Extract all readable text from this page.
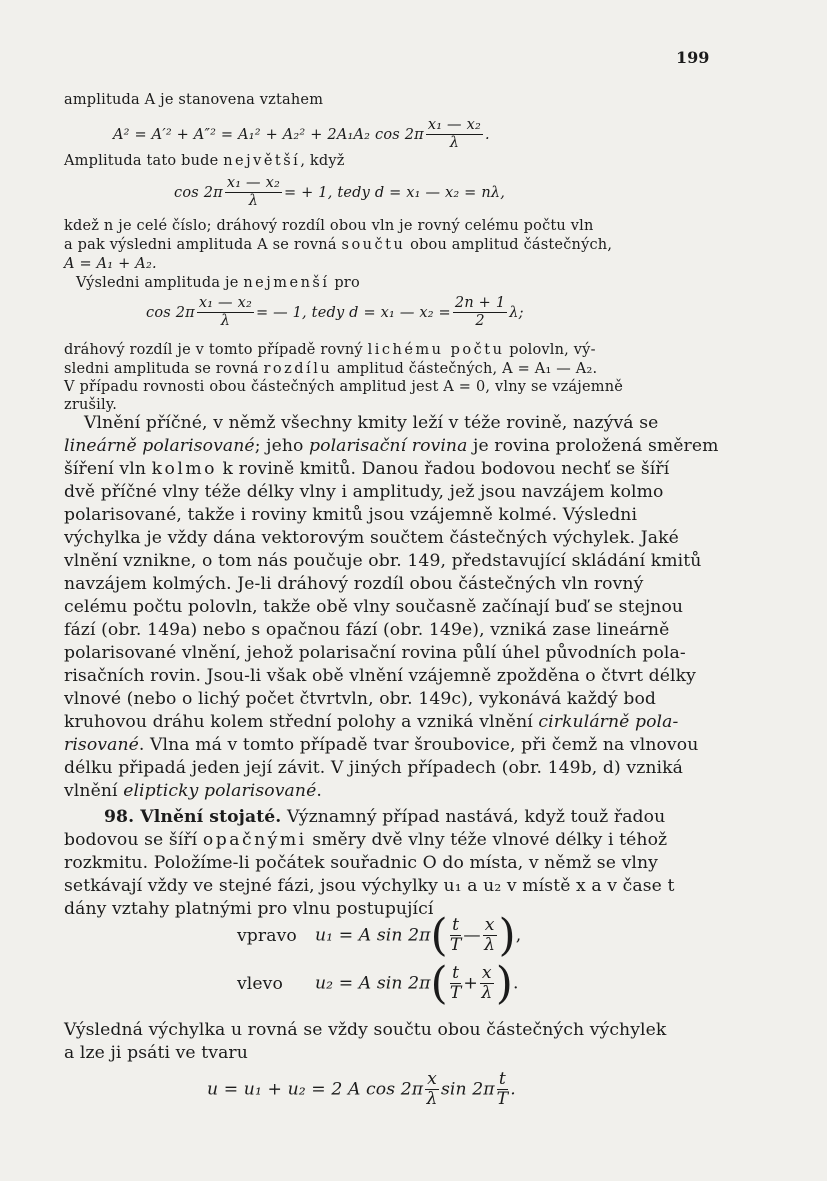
199
amplituda A je stanovena vztahem
A² = A′² + A″² = A₁² + A₂² + 2A₁A₂ $\cos 2\pi \frac{\text{x₁ — x₂}}{\lambda}$ .
Amplituda tato bude největší, když
$\cos 2\pi \frac{\text{x₁ — x₂}}{\lambda}$ = + 1, tedy d = x₁ — x₂ = nλ,
kdež n je celé číslo; dráhový rozdíl obou vln je rovný celému počtu vln
a pak výsledni amplituda A se rovná součtu obou amplitud částečných,
A = A₁ + A₂.
Výsledni amplituda je nejmenší pro
$\cos 2\pi \frac{\text{x₁ — x₂}}{\lambda}$ = — 1, tedy d = x₁ — $x_2 = \frac{2n + 1}{2} \lambda$;
dráhový rozdíl je v tomto případě rovný lichému počtu polovln, vý-
sledni amplituda se rovná rozdílu amplitud částečných, A = A₁ — A₂.
V případu rovnosti obou částečných amplitud jest A = 0, vlny se vzájemně
zrušily.
Vlnění příčné, v němž všechny kmity leží v téže rovině, nazývá se
lineárně polarisované; jeho polarisační rovina je rovina proložená směrem
šíření vln kolmo k rovině kmitů. Danou řadou bodovou nechť se šíří
dvě příčné vlny téže délky vlny i amplitudy, jež jsou navzájem kolmo
polarisované, takže i roviny kmitů jsou vzájemně kolmé. Výsledni
výchylka je vždy dána vektorovým součtem částečných výchylek. Jaké
vlnění vznikne, o tom nás poučuje obr. 149, představující skládání kmitů
navzájem kolmých. Je-li dráhový rozdíl obou částečných vln rovný
celému počtu polovln, takže obě vlny současně začínají buď se stejnou
fází (obr. 149a) nebo s opačnou fází (obr. 149e), vzniká zase lineárně
polarisované vlnění, jehož polarisační rovina půlí úhel původních pola-
risačních rovin. Jsou-li však obě vlnění vzájemně zpožděna o čtvrt délky
vlnové (nebo o lichý počet čtvrtvln, obr. 149c), vykonává každý bod
kruhovou dráhu kolem střední polohy a vzniká vlnění cirkulárně pola-
risované. Vlna má v tomto případě tvar šroubovice, při čemž na vlnovou
délku připadá jeden její závit. V jiných případech (obr. 149b, d) vzniká
vlnění elipticky polarisované.
98. Vlnění stojaté. Významný případ nastává, když touž řadou
bodovou se šíří opačnými směry dvě vlny téže vlnové délky i téhož
rozkmitu. Položíme-li počátek souřadnic O do místa, v němž se vlny
setkávají vždy ve stejné fázi, jsou výchylky u₁ a u₂ v místě x a v čase t
dány vztahy platnými pro vlnu postupující
vpravo u₁ = A $\sin 2\pi( \frac{t}{T}$ — $\frac{x}{\lambda}$ ),
vlevo u₂ = A $\sin 2\pi( \frac{t}{T} + \frac{x}{\lambda}$ ).
Výsledná výchylka u rovná se vždy součtu obou částečných výchylek
a lze ji psáti ve tvaru
u = u₁ + u₂ = 2 A $\cos 2\pi \frac{x}{\lambda}$ $\sin 2\pi \frac{t}{T}$ .
